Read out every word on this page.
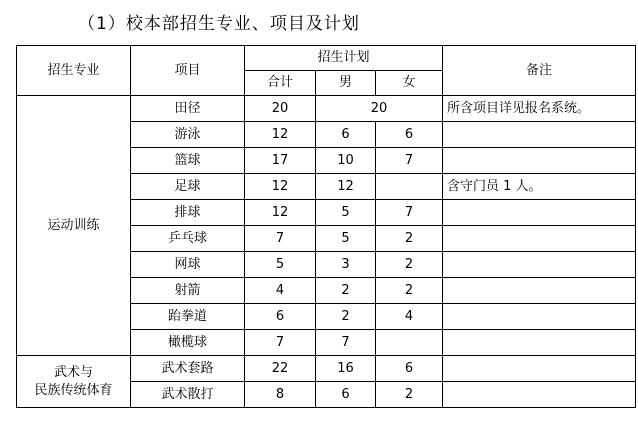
（1）校本部招生专业、项目及计划
招生专业	项目	招生计划			备注
		合计	男	女	
运动训练	田径	20	20		所含项目详见报名系统。
	游泳	12	6	6	
	篮球	17	10	7	
	足球	12	12		含守门员 1 人。
	排球	12	5	7	
	乒乓球	7	5	2	
	网球	5	3	2	
	射箭	4	2	2	
	跆拳道	6	2	4	
	橄榄球	7	7		

武术与
民族传统体育	武术套路	22	16	6	
	武术散打	8	6	2	
